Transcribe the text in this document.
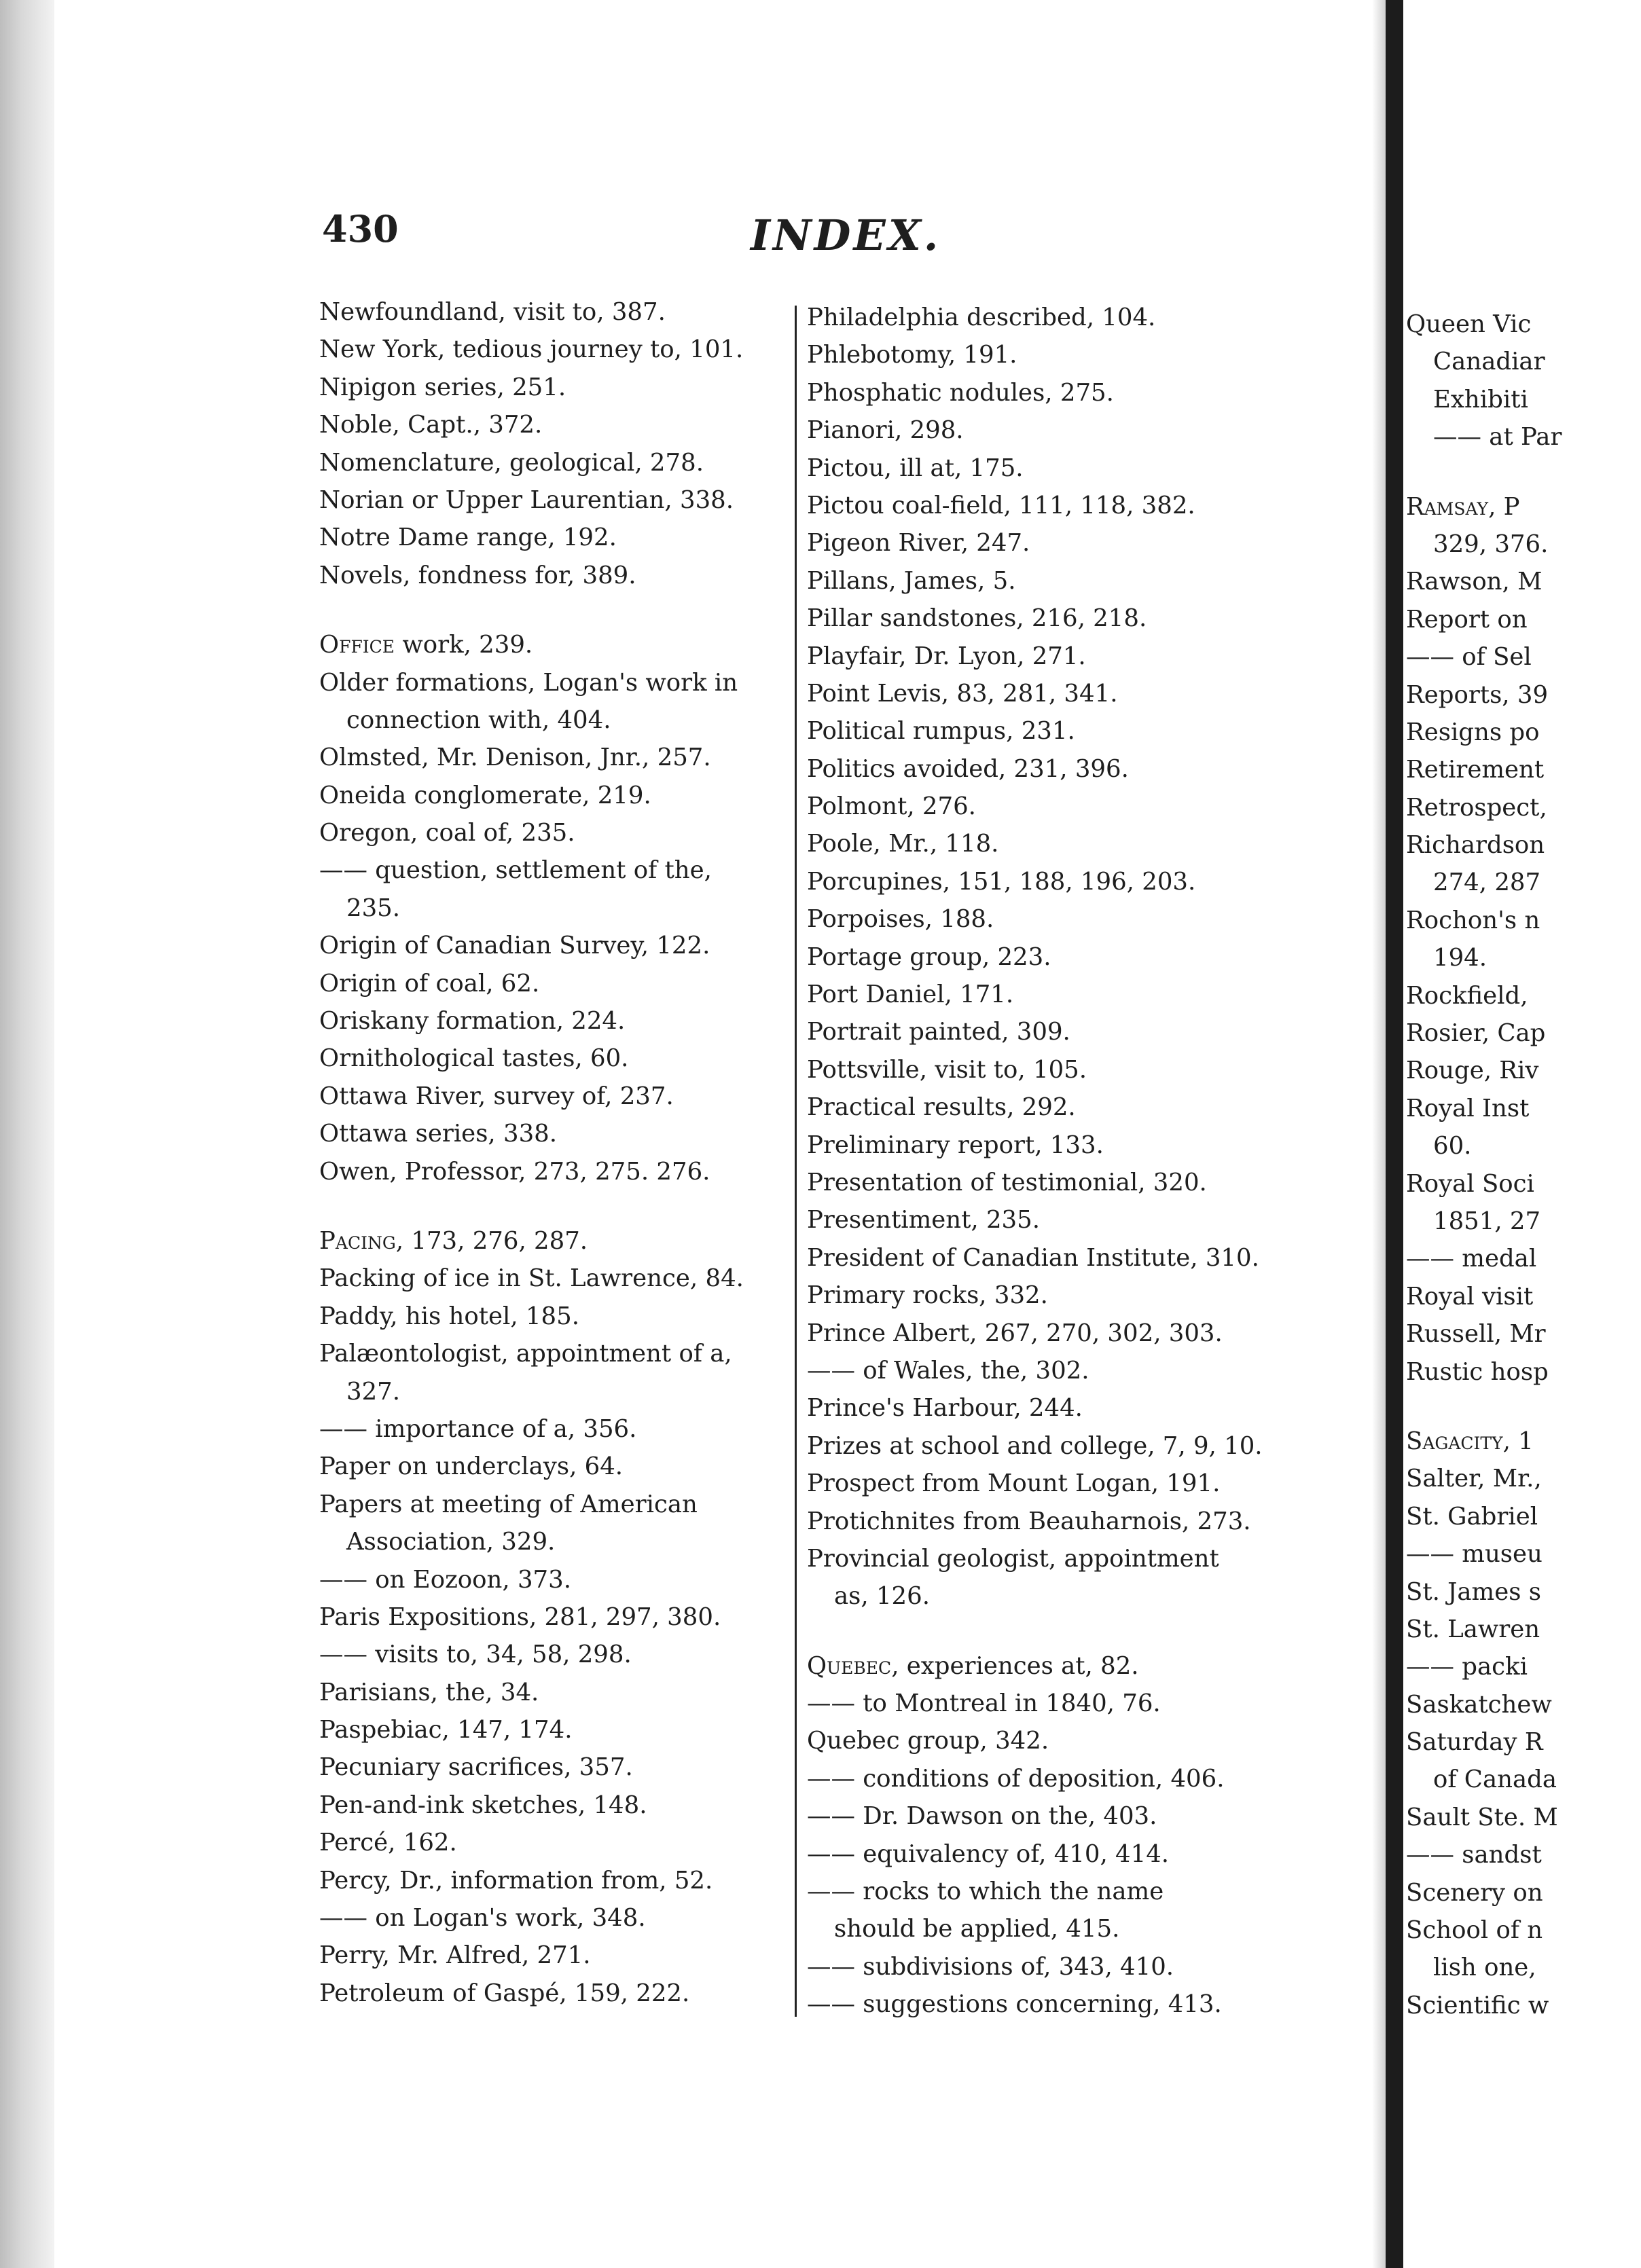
430	INDEX.
Newfoundland, visit to, 387.
New York, tedious journey to, 101.
Nipigon series, 251.
Noble, Capt., 372.
Nomenclature, geological, 278.
Norian or Upper Laurentian, 338.
Notre Dame range, 192.
Novels, fondness for, 389.
Office work, 239.
Older formations, Logan's work in
connection with, 404.
Olmsted, Mr. Denison, Jnr., 257.
Oneida conglomerate, 219.
Oregon, coal of, 235.
—— question, settlement of the,
235.
Origin of Canadian Survey, 122.
Origin of coal, 62.
Oriskany formation, 224.
Ornithological tastes, 60.
Ottawa River, survey of, 237.
Ottawa series, 338.
Owen, Professor, 273, 275. 276.
Pacing, 173, 276, 287.
Packing of ice in St. Lawrence, 84.
Paddy, his hotel, 185.
Palæontologist, appointment of a,
327.
—— importance of a, 356.
Paper on underclays, 64.
Papers at meeting of American
Association, 329.
—— on Eozoon, 373.
Paris Expositions, 281, 297, 380.
—— visits to, 34, 58, 298.
Parisians, the, 34.
Paspebiac, 147, 174.
Pecuniary sacrifices, 357.
Pen-and-ink sketches, 148.
Percé, 162.
Percy, Dr., information from, 52.
—— on Logan's work, 348.
Perry, Mr. Alfred, 271.
Petroleum of Gaspé, 159, 222.
Philadelphia described, 104.
Phlebotomy, 191.
Phosphatic nodules, 275.
Pianori, 298.
Pictou, ill at, 175.
Pictou coal-field, 111, 118, 382.
Pigeon River, 247.
Pillans, James, 5.
Pillar sandstones, 216, 218.
Playfair, Dr. Lyon, 271.
Point Levis, 83, 281, 341.
Political rumpus, 231.
Politics avoided, 231, 396.
Polmont, 276.
Poole, Mr., 118.
Porcupines, 151, 188, 196, 203.
Porpoises, 188.
Portage group, 223.
Port Daniel, 171.
Portrait painted, 309.
Pottsville, visit to, 105.
Practical results, 292.
Preliminary report, 133.
Presentation of testimonial, 320.
Presentiment, 235.
President of Canadian Institute, 310.
Primary rocks, 332.
Prince Albert, 267, 270, 302, 303.
—— of Wales, the, 302.
Prince's Harbour, 244.
Prizes at school and college, 7, 9, 10.
Prospect from Mount Logan, 191.
Protichnites from Beauharnois, 273.
Provincial geologist, appointment
as, 126.
Quebec, experiences at, 82.
—— to Montreal in 1840, 76.
Quebec group, 342.
—— conditions of deposition, 406.
—— Dr. Dawson on the, 403.
—— equivalency of, 410, 414.
—— rocks to which the name
should be applied, 415.
—— subdivisions of, 343, 410.
—— suggestions concerning, 413.
Queen Vic
Canadiar
Exhibiti
—— at Par
Ramsay, P
329, 376.
Rawson, M
Report on
—— of Sel
Reports, 39
Resigns po
Retirement
Retrospect,
Richardson
274, 287
Rochon's n
194.
Rockfield,
Rosier, Cap
Rouge, Riv
Royal Inst
60.
Royal Soci
1851, 27
—— medal
Royal visit
Russell, Mr
Rustic hosp
Sagacity, 1
Salter, Mr.,
St. Gabriel
—— museu
St. James s
St. Lawren
—— packi
Saskatchew
Saturday R
of Canada
Sault Ste. M
—— sandst
Scenery on
School of n
lish one,
Scientific w
